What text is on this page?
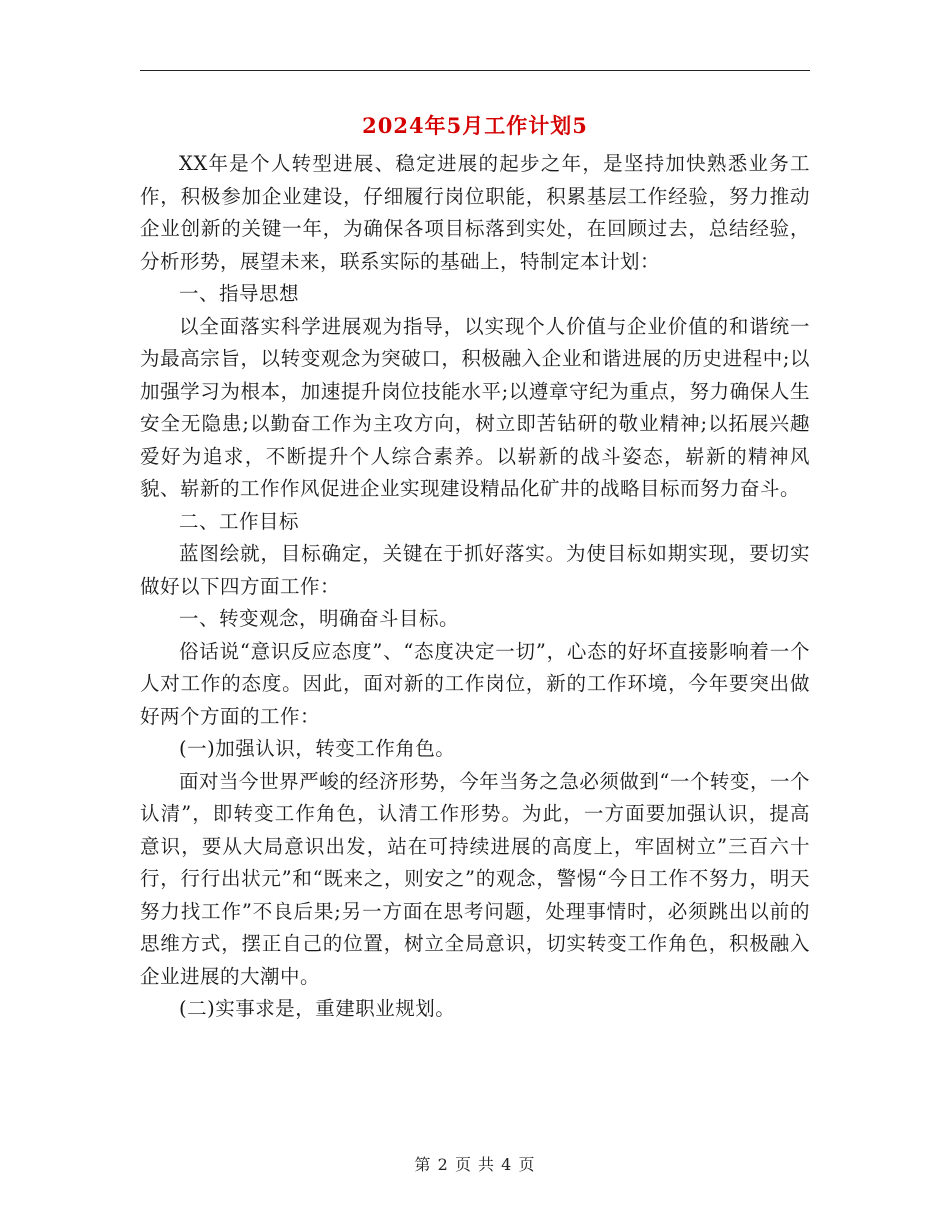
2024年5月工作计划5

XX年是个人转型进展、稳定进展的起步之年，是坚持加快熟悉业务工作，积极参加企业建设，仔细履行岗位职能，积累基层工作经验，努力推动企业创新的关键一年，为确保各项目标落到实处，在回顾过去，总结经验，分析形势，展望未来，联系实际的基础上，特制定本计划：

一、指导思想

以全面落实科学进展观为指导，以实现个人价值与企业价值的和谐统一为最高宗旨，以转变观念为突破口，积极融入企业和谐进展的历史进程中;以加强学习为根本，加速提升岗位技能水平;以遵章守纪为重点，努力确保人生安全无隐患;以勤奋工作为主攻方向，树立即苦钻研的敬业精神;以拓展兴趣爱好为追求，不断提升个人综合素养。以崭新的战斗姿态，崭新的精神风貌、崭新的工作作风促进企业实现建设精品化矿井的战略目标而努力奋斗。

二、工作目标

蓝图绘就，目标确定，关键在于抓好落实。为使目标如期实现，要切实做好以下四方面工作：

一、转变观念，明确奋斗目标。

俗话说“意识反应态度”、“态度决定一切”，心态的好坏直接影响着一个人对工作的态度。因此，面对新的工作岗位，新的工作环境，今年要突出做好两个方面的工作：

(一)加强认识，转变工作角色。

面对当今世界严峻的经济形势，今年当务之急必须做到“一个转变，一个认清”，即转变工作角色，认清工作形势。为此，一方面要加强认识，提高意识，要从大局意识出发，站在可持续进展的高度上，牢固树立”三百六十行，行行出状元”和“既来之，则安之”的观念，警惕“今日工作不努力，明天努力找工作”不良后果;另一方面在思考问题，处理事情时，必须跳出以前的思维方式，摆正自己的位置，树立全局意识，切实转变工作角色，积极融入企业进展的大潮中。

(二)实事求是，重建职业规划。

第 2 页 共 4 页
